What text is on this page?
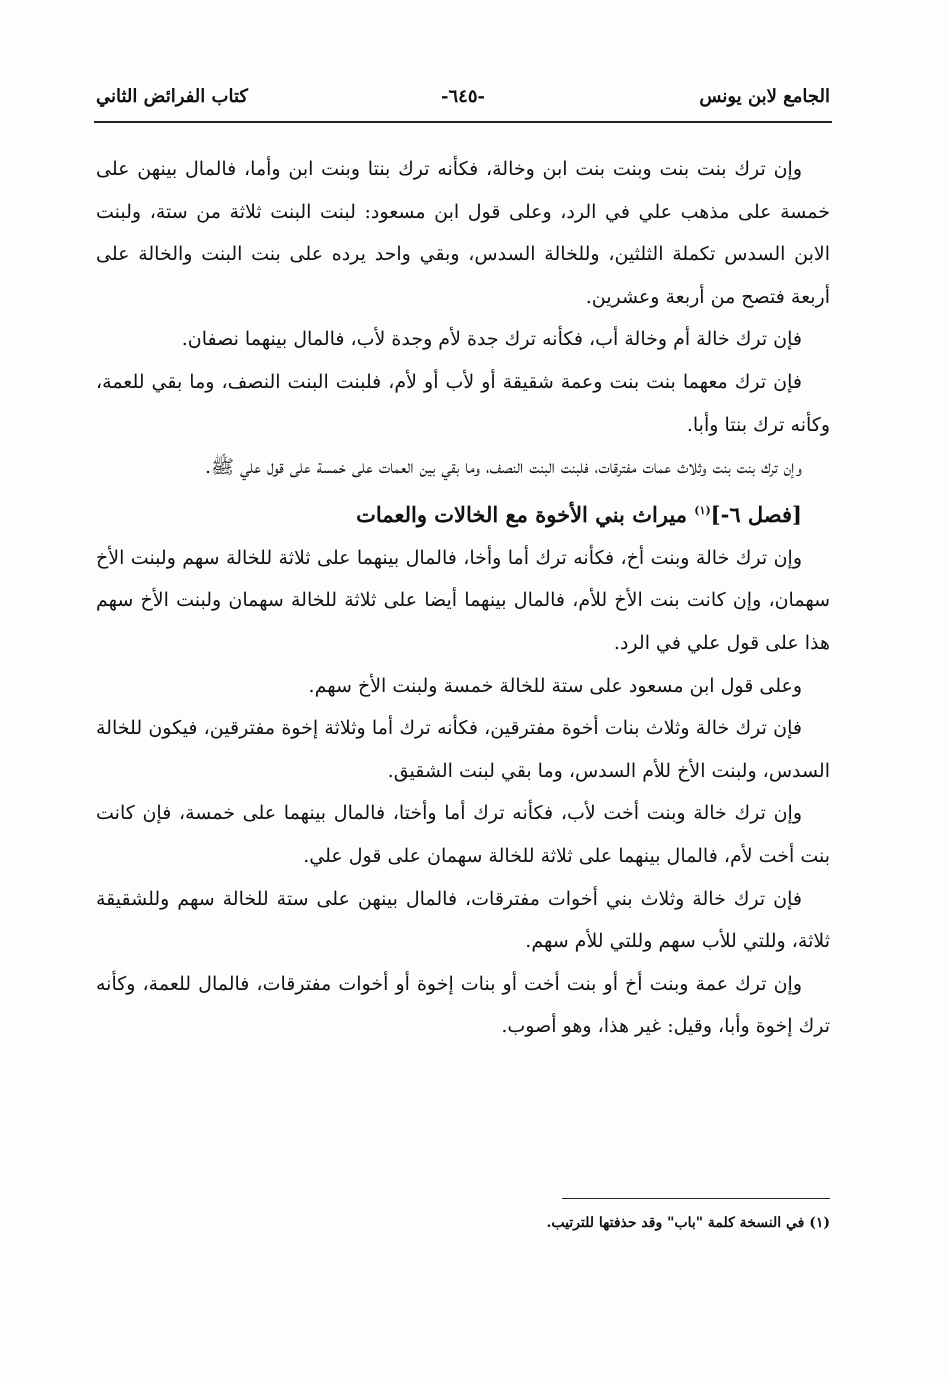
الجامع لابن يونس
-٦٤٥-
كتاب الفرائض الثاني

وإن ترك بنت بنت وبنت بنت ابن وخالة، فكأنه ترك بنتا وبنت ابن وأما، فالمال بينهن على خمسة على مذهب علي في الرد، وعلى قول ابن مسعود: لبنت البنت ثلاثة من ستة، ولبنت الابن السدس تكملة الثلثين، وللخالة السدس، وبقي واحد يرده على بنت البنت والخالة على أربعة فتصح من أربعة وعشرين.

فإن ترك خالة أم وخالة أب، فكأنه ترك جدة لأم وجدة لأب، فالمال بينهما نصفان.

فإن ترك معهما بنت بنت وعمة شقيقة أو لأب أو لأم، فلبنت البنت النصف، وما بقي للعمة، وكأنه ترك بنتا وأبا.

وإن ترك بنت بنت وثلاث عمات مفترقات، فلبنت البنت النصف، وما بقي بين العمات على خمسة على قول علي ﷺ.

[فصل ٦-]$^{(١)}$ ميراث بني الأخوة مع الخالات والعمات

وإن ترك خالة وبنت أخ، فكأنه ترك أما وأخا، فالمال بينهما على ثلاثة للخالة سهم ولبنت الأخ سهمان، وإن كانت بنت الأخ للأم، فالمال بينهما أيضا على ثلاثة للخالة سهمان ولبنت الأخ سهم هذا على قول علي في الرد.

وعلى قول ابن مسعود على ستة للخالة خمسة ولبنت الأخ سهم.

فإن ترك خالة وثلاث بنات أخوة مفترقين، فكأنه ترك أما وثلاثة إخوة مفترقين، فيكون للخالة السدس، ولبنت الأخ للأم السدس، وما بقي لبنت الشقيق.

وإن ترك خالة وبنت أخت لأب، فكأنه ترك أما وأختا، فالمال بينهما على خمسة، فإن كانت بنت أخت لأم، فالمال بينهما على ثلاثة للخالة سهمان على قول علي.

فإن ترك خالة وثلاث بني أخوات مفترقات، فالمال بينهن على ستة للخالة سهم وللشقيقة ثلاثة، وللتي للأب سهم وللتي للأم سهم.

وإن ترك عمة وبنت أخ أو بنت أخت أو بنات إخوة أو أخوات مفترقات، فالمال للعمة، وكأنه ترك إخوة وأبا، وقيل: غير هذا، وهو أصوب.

(١) في النسخة كلمة "باب" وقد حذفتها للترتيب.
